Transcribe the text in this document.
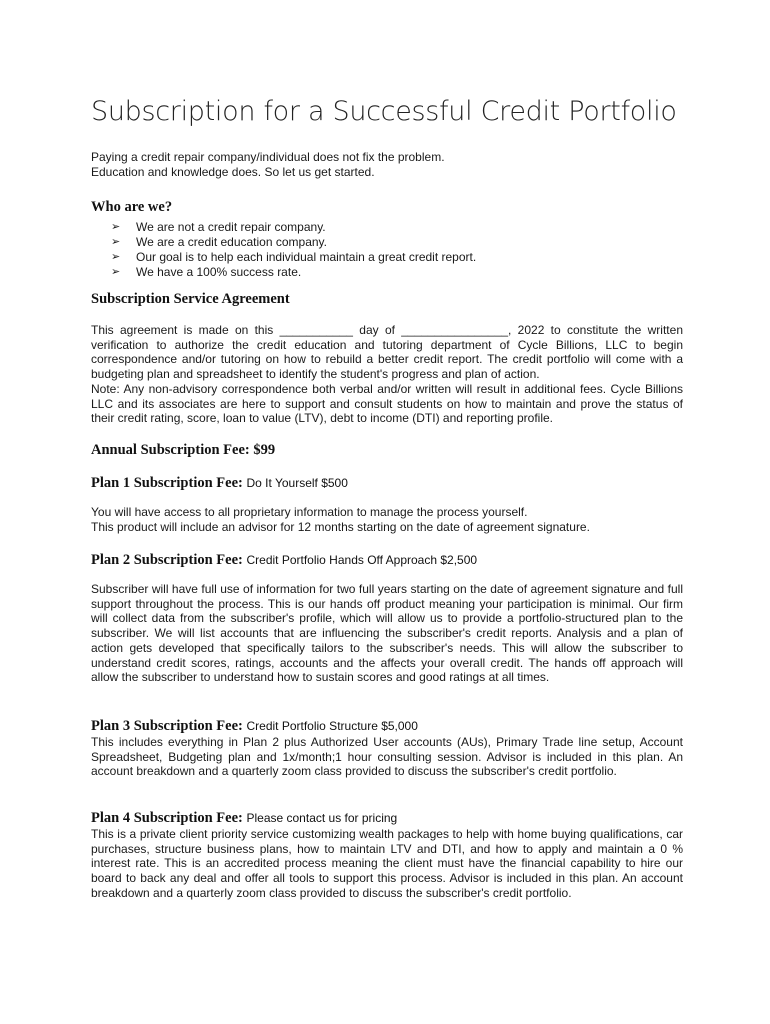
Subscription for a Successful Credit Portfolio
Paying a credit repair company/individual does not fix the problem.
Education and knowledge does. So let us get started.
Who are we?
➢ We are not a credit repair company.
➢ We are a credit education company.
➢ Our goal is to help each individual maintain a great credit report.
➢ We have a 100% success rate.
Subscription Service Agreement

This agreement is made on this ___________ day of ________________, 2022 to constitute the written verification to authorize the credit education and tutoring department of Cycle Billions, LLC to begin correspondence and/or tutoring on how to rebuild a better credit report. The credit portfolio will come with a budgeting plan and spreadsheet to identify the student's progress and plan of action.

Note: Any non-advisory correspondence both verbal and/or written will result in additional fees. Cycle Billions LLC and its associates are here to support and consult students on how to maintain and prove the status of their credit rating, score, loan to value (LTV), debt to income (DTI) and reporting profile.

Annual Subscription Fee: $99
Plan 1 Subscription Fee: Do It Yourself $500

You will have access to all proprietary information to manage the process yourself.

This product will include an advisor for 12 months starting on the date of agreement signature.

Plan 2 Subscription Fee: Credit Portfolio Hands Off Approach $2,500

Subscriber will have full use of information for two full years starting on the date of agreement signature and full support throughout the process. This is our hands off product meaning your participation is minimal. Our firm will collect data from the subscriber's profile, which will allow us to provide a portfolio-structured plan to the subscriber. We will list accounts that are influencing the subscriber's credit reports. Analysis and a plan of action gets developed that specifically tailors to the subscriber's needs. This will allow the subscriber to understand credit scores, ratings, accounts and the affects your overall credit. The hands off approach will allow the subscriber to understand how to sustain scores and good ratings at all times.

Plan 3 Subscription Fee: Credit Portfolio Structure $5,000

This includes everything in Plan 2 plus Authorized User accounts (AUs), Primary Trade line setup, Account Spreadsheet, Budgeting plan and 1x/month;1 hour consulting session. Advisor is included in this plan. An account breakdown and a quarterly zoom class provided to discuss the subscriber's credit portfolio.

Plan 4 Subscription Fee: Please contact us for pricing

This is a private client priority service customizing wealth packages to help with home buying qualifications, car purchases, structure business plans, how to maintain LTV and DTI, and how to apply and maintain a 0 % interest rate. This is an accredited process meaning the client must have the financial capability to hire our board to back any deal and offer all tools to support this process. Advisor is included in this plan. An account breakdown and a quarterly zoom class provided to discuss the subscriber's credit portfolio.
